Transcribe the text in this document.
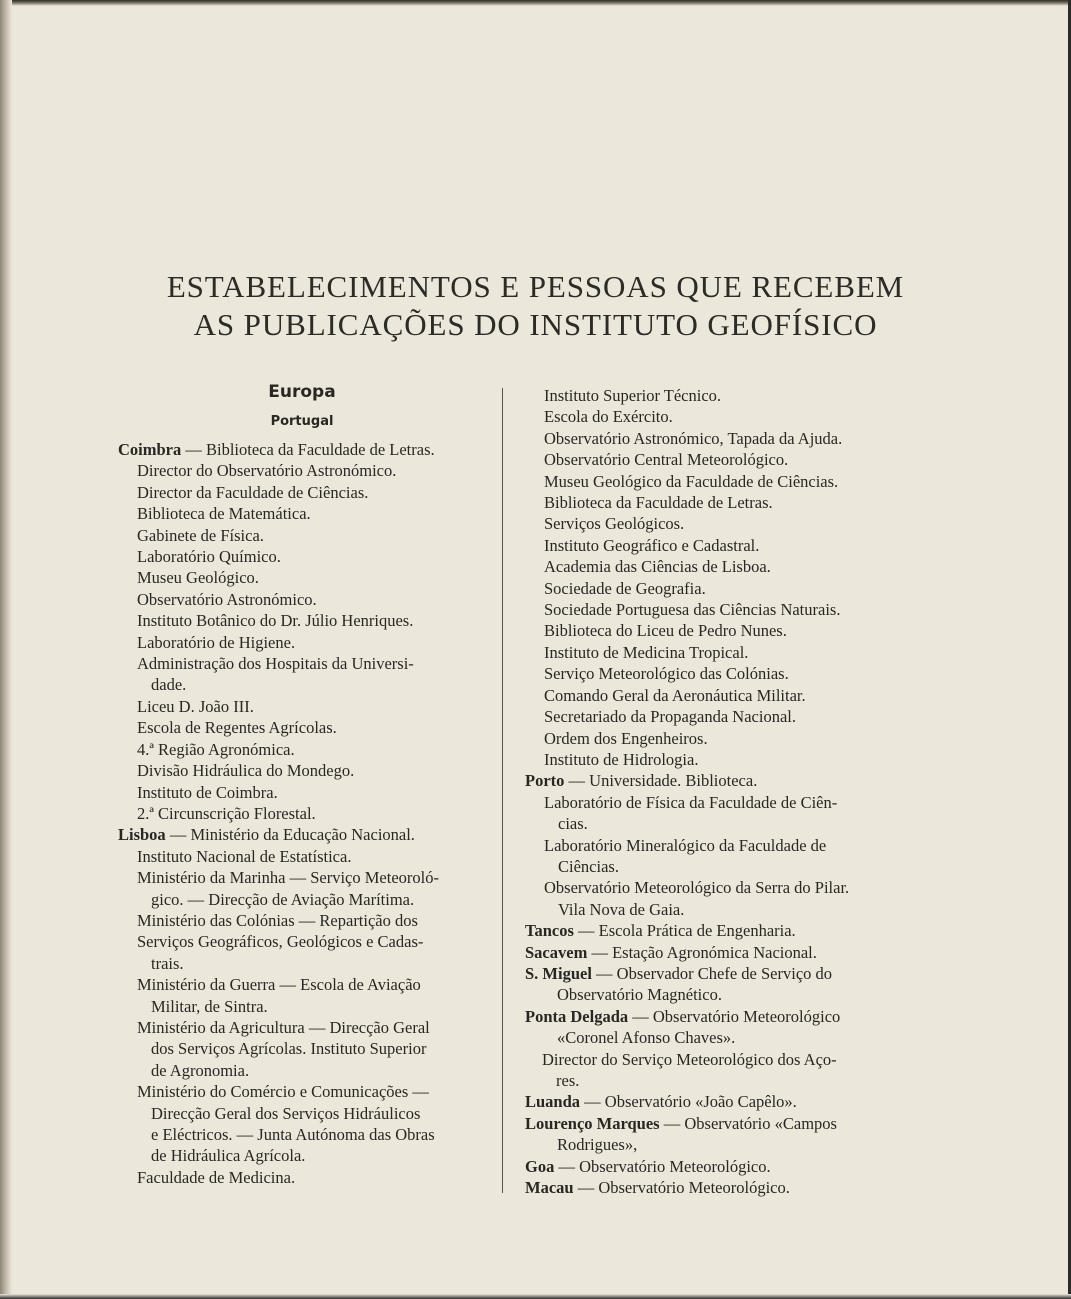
ESTABELECIMENTOS E PESSOAS QUE RECEBEM
AS PUBLICAÇÕES DO INSTITUTO GEOFÍSICO
Europa
Portugal
Coimbra — Biblioteca da Faculdade de Letras.
Director do Observatório Astronómico.
Director da Faculdade de Ciências.
Biblioteca de Matemática.
Gabinete de Física.
Laboratório Químico.
Museu Geológico.
Observatório Astronómico.
Instituto Botânico do Dr. Júlio Henriques.
Laboratório de Higiene.
Administração dos Hospitais da Universi-
dade.
Liceu D. João III.
Escola de Regentes Agrícolas.
4.ª Região Agronómica.
Divisão Hidráulica do Mondego.
Instituto de Coimbra.
2.ª Circunscrição Florestal.
Lisboa — Ministério da Educação Nacional.
Instituto Nacional de Estatística.
Ministério da Marinha — Serviço Meteoroló-
gico. — Direcção de Aviação Marítima.
Ministério das Colónias — Repartição dos
Serviços Geográficos, Geológicos e Cadas-
trais.
Ministério da Guerra — Escola de Aviação
Militar, de Sintra.
Ministério da Agricultura — Direcção Geral
dos Serviços Agrícolas. Instituto Superior
de Agronomia.
Ministério do Comércio e Comunicações —
Direcção Geral dos Serviços Hidráulicos
e Eléctricos. — Junta Autónoma das Obras
de Hidráulica Agrícola.
Faculdade de Medicina.
Instituto Superior Técnico.
Escola do Exército.
Observatório Astronómico, Tapada da Ajuda.
Observatório Central Meteorológico.
Museu Geológico da Faculdade de Ciências.
Biblioteca da Faculdade de Letras.
Serviços Geológicos.
Instituto Geográfico e Cadastral.
Academia das Ciências de Lisboa.
Sociedade de Geografia.
Sociedade Portuguesa das Ciências Naturais.
Biblioteca do Liceu de Pedro Nunes.
Instituto de Medicina Tropical.
Serviço Meteorológico das Colónias.
Comando Geral da Aeronáutica Militar.
Secretariado da Propaganda Nacional.
Ordem dos Engenheiros.
Instituto de Hidrologia.
Porto — Universidade. Biblioteca.
Laboratório de Física da Faculdade de Ciên-
cias.
Laboratório Mineralógico da Faculdade de
Ciências.
Observatório Meteorológico da Serra do Pilar.
Vila Nova de Gaia.
Tancos — Escola Prática de Engenharia.
Sacavem — Estação Agronómica Nacional.
S. Miguel — Observador Chefe de Serviço do
Observatório Magnético.
Ponta Delgada — Observatório Meteorológico
«Coronel Afonso Chaves».
Director do Serviço Meteorológico dos Aço-
res.
Luanda — Observatório «João Capêlo».
Lourenço Marques — Observatório «Campos
Rodrigues»,
Goa — Observatório Meteorológico.
Macau — Observatório Meteorológico.
